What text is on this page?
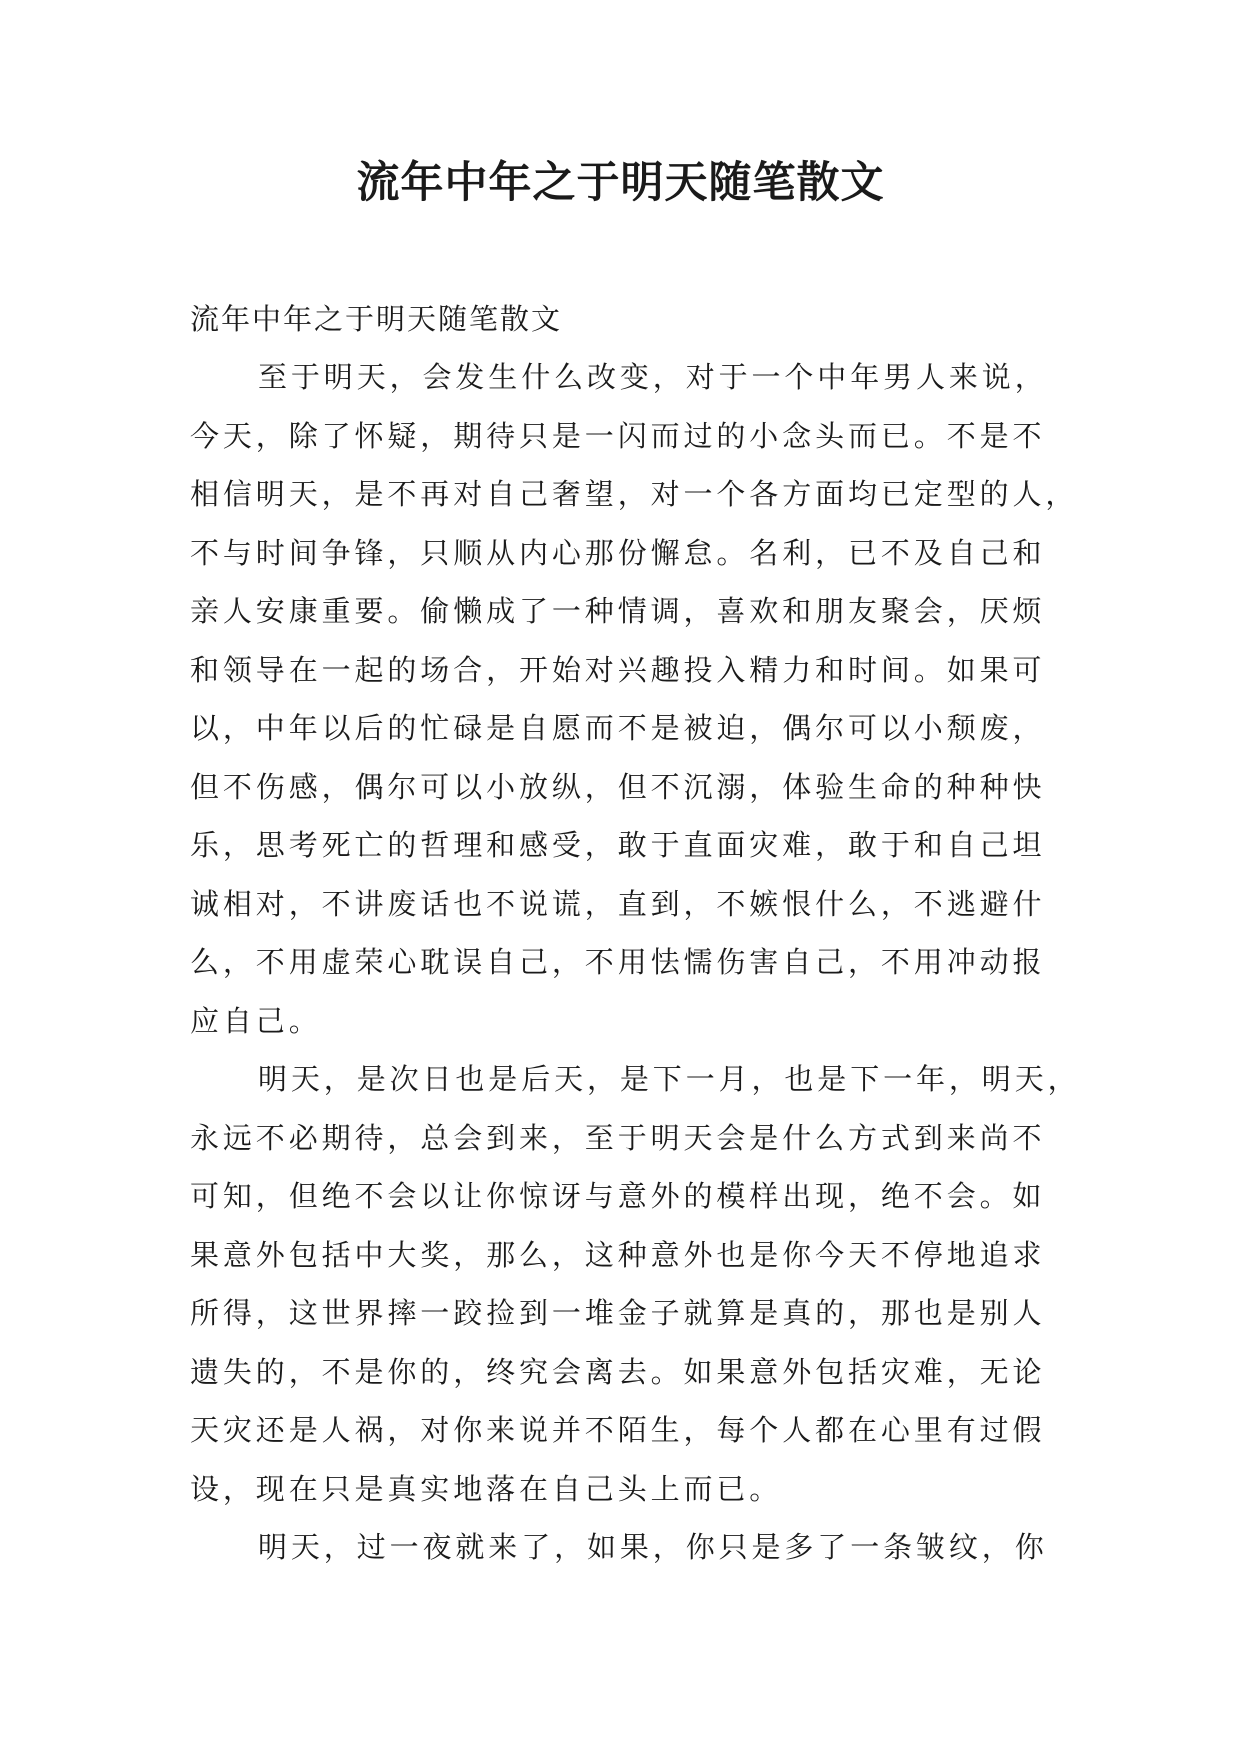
流年中年之于明天随笔散文

流年中年之于明天随笔散文

至于明天，会发生什么改变，对于一个中年男人来说，
今天，除了怀疑，期待只是一闪而过的小念头而已。不是不
相信明天，是不再对自己奢望，对一个各方面均已定型的人，
不与时间争锋，只顺从内心那份懈怠。名利，已不及自己和
亲人安康重要。偷懒成了一种情调，喜欢和朋友聚会，厌烦
和领导在一起的场合，开始对兴趣投入精力和时间。如果可
以，中年以后的忙碌是自愿而不是被迫，偶尔可以小颓废，
但不伤感，偶尔可以小放纵，但不沉溺，体验生命的种种快
乐，思考死亡的哲理和感受，敢于直面灾难，敢于和自己坦
诚相对，不讲废话也不说谎，直到，不嫉恨什么，不逃避什
么，不用虚荣心耽误自己，不用怯懦伤害自己，不用冲动报
应自己。

明天，是次日也是后天，是下一月，也是下一年，明天，
永远不必期待，总会到来，至于明天会是什么方式到来尚不
可知，但绝不会以让你惊讶与意外的模样出现，绝不会。如
果意外包括中大奖，那么，这种意外也是你今天不停地追求
所得，这世界摔一跤捡到一堆金子就算是真的，那也是别人
遗失的，不是你的，终究会离去。如果意外包括灾难，无论
天灾还是人祸，对你来说并不陌生，每个人都在心里有过假
设，现在只是真实地落在自己头上而已。

明天，过一夜就来了，如果，你只是多了一条皱纹，你
